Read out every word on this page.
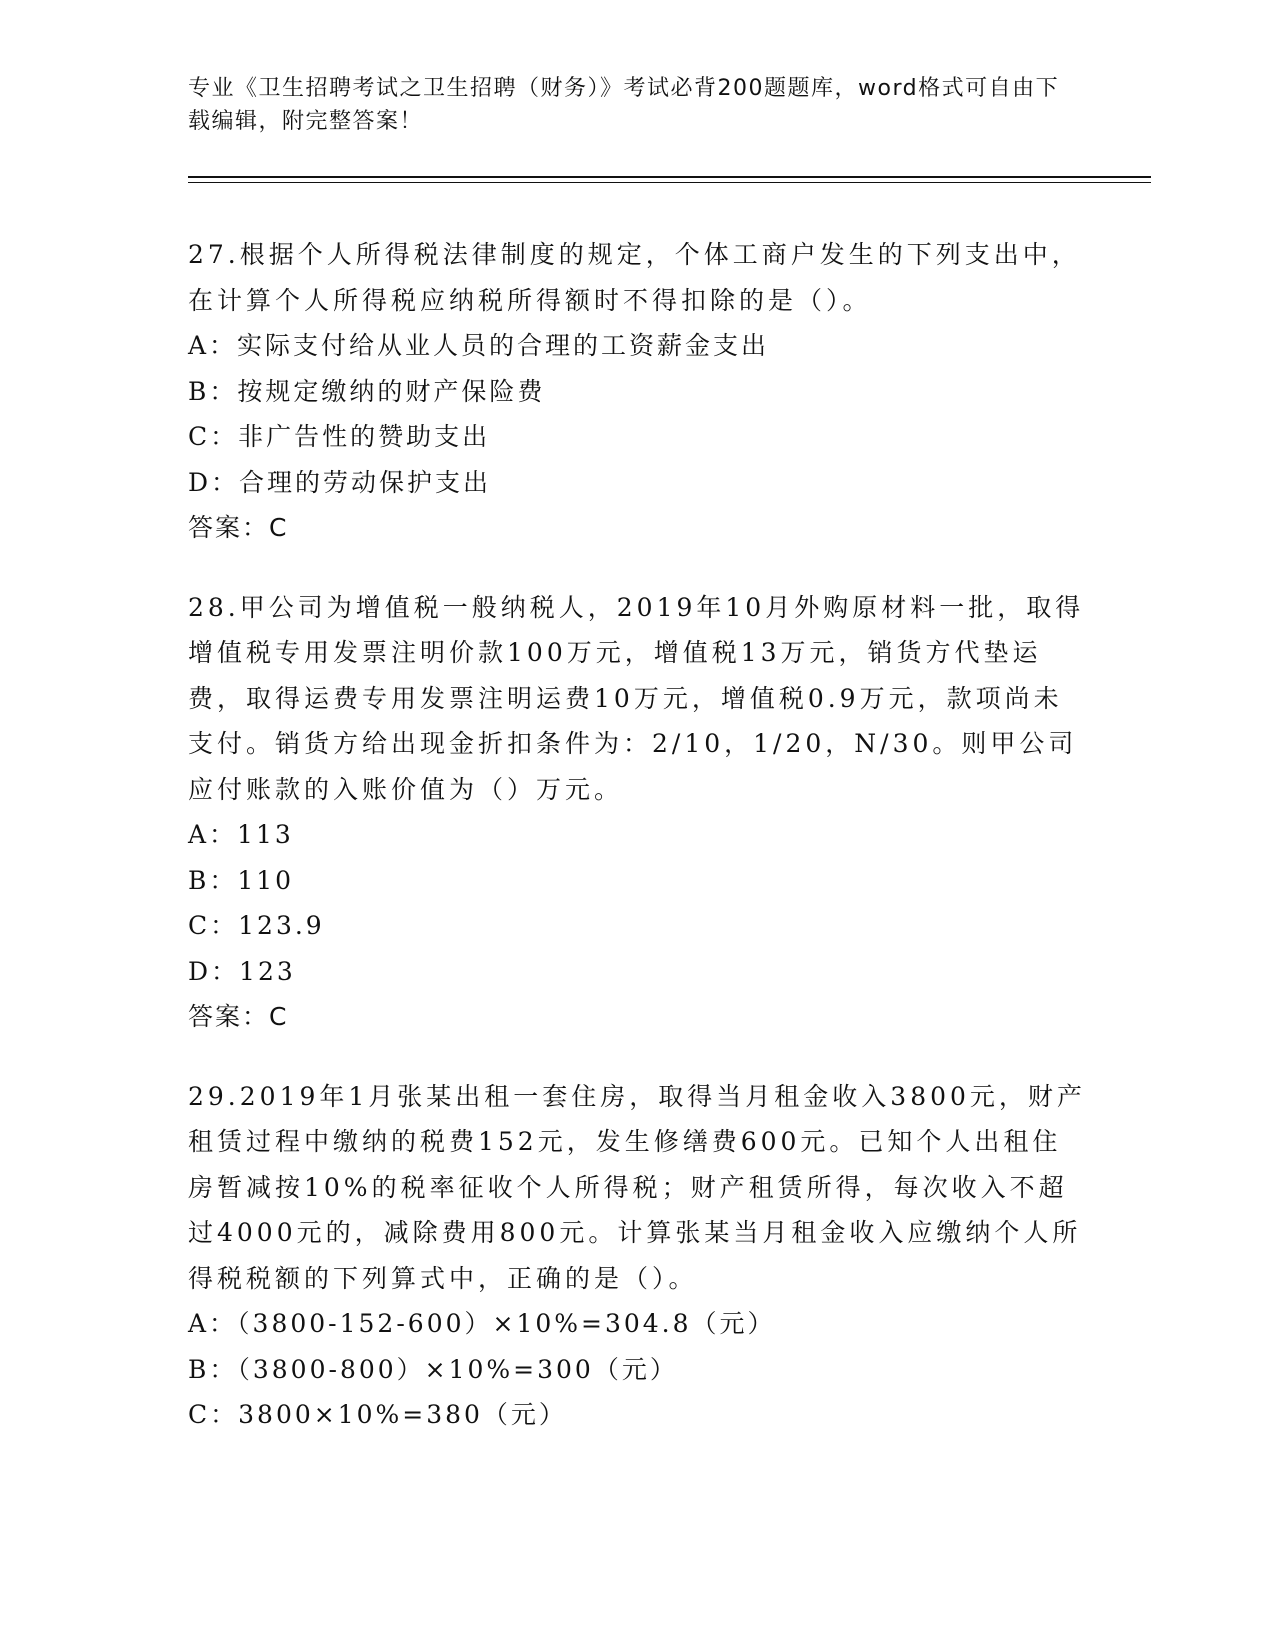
专业《卫生招聘考试之卫生招聘（财务）》考试必背200题题库，word格式可自由下载编辑，附完整答案！

27.根据个人所得税法律制度的规定，个体工商户发生的下列支出中，在计算个人所得税应纳税所得额时不得扣除的是（）。

A：实际支付给从业人员的合理的工资薪金支出

B：按规定缴纳的财产保险费

C：非广告性的赞助支出

D：合理的劳动保护支出

答案：C

28.甲公司为增值税一般纳税人，2019年10月外购原材料一批，取得增值税专用发票注明价款100万元，增值税13万元，销货方代垫运费，取得运费专用发票注明运费10万元，增值税0.9万元，款项尚未支付。销货方给出现金折扣条件为：2/10，1/20，N/30。则甲公司应付账款的入账价值为（）万元。

A：113

B：110

C：123.9

D：123

答案：C

29.2019年1月张某出租一套住房，取得当月租金收入3800元，财产租赁过程中缴纳的税费152元，发生修缮费600元。已知个人出租住房暂减按10%的税率征收个人所得税；财产租赁所得，每次收入不超过4000元的，减除费用800元。计算张某当月租金收入应缴纳个人所得税税额的下列算式中，正确的是（）。

A：（3800-152-600）×10%=304.8（元）

B：（3800-800）×10%=300（元）

C：3800×10%=380（元）
